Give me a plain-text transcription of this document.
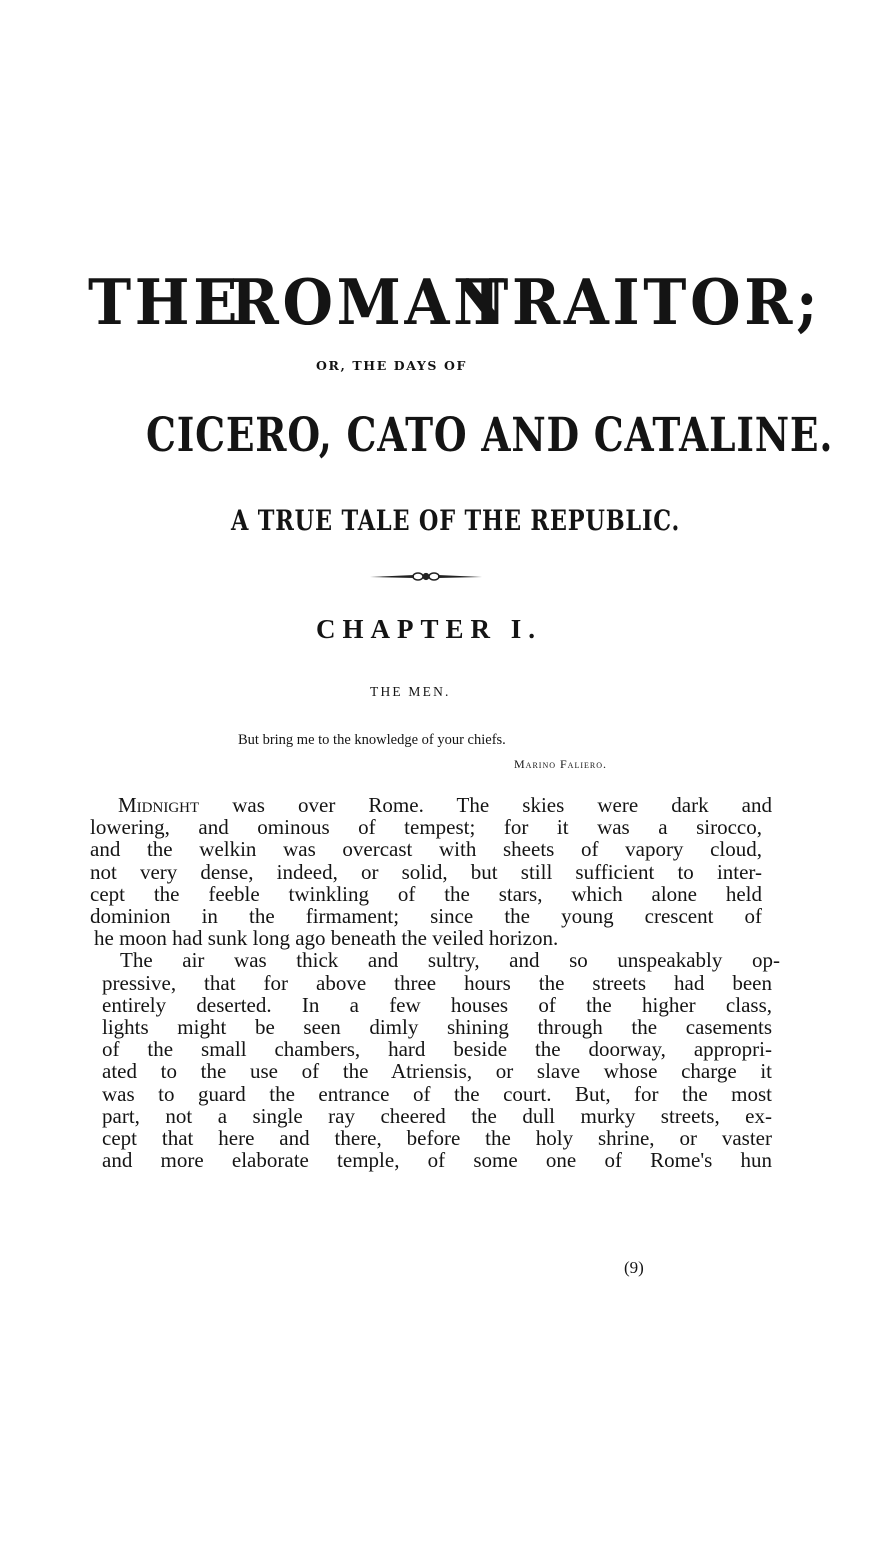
THE
ROMAN
TRAITOR;
OR, THE DAYS OF
CICERO, CATO AND CATALINE.
A TRUE TALE OF THE REPUBLIC.
CHAPTER I.
THE MEN.
But bring me to the knowledge of your chiefs.
Marino Faliero.
Midnight was over Rome. The skies were dark and
lowering, and ominous of tempest; for it was a sirocco,
and the welkin was overcast with sheets of vapory cloud,
not very dense, indeed, or solid, but still sufficient to inter-
cept the feeble twinkling of the stars, which alone held
dominion in the firmament; since the young crescent of
he moon had sunk long ago beneath the veiled horizon.
The air was thick and sultry, and so unspeakably op-
pressive, that for above three hours the streets had been
entirely deserted. In a few houses of the higher class,
lights might be seen dimly shining through the casements
of the small chambers, hard beside the doorway, appropri-
ated to the use of the Atriensis, or slave whose charge it
was to guard the entrance of the court. But, for the most
part, not a single ray cheered the dull murky streets, ex-
cept that here and there, before the holy shrine, or vaster
and more elaborate temple, of some one of Rome's hun
(9)
